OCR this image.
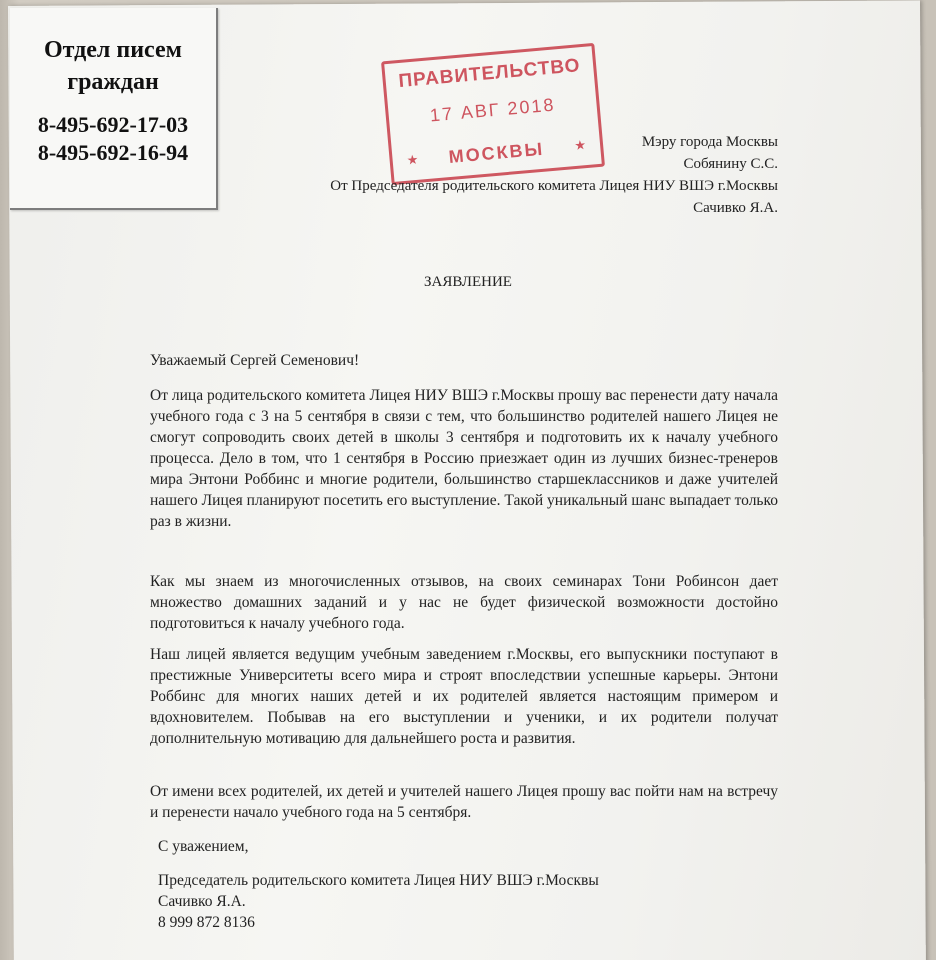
Отдел писем
граждан
8-495-692-17-03
8-495-692-16-94
ПРАВИТЕЛЬСТВО
17 АВГ 2018
★	МОСКВЫ	★	Мэру города Москвы
Собянину С.С.
От Председателя родительского комитета Лицея НИУ ВШЭ г.Москвы
Сачивко Я.А.
ЗАЯВЛЕНИЕ
Уважаемый Сергей Семенович!
От лица родительского комитета Лицея НИУ ВШЭ г.Москвы прошу вас перенести дату начала учебного года с 3 на 5 сентября в связи с тем, что большинство родителей нашего Лицея не смогут сопроводить своих детей в школы 3 сентября и подготовить их к началу учебного процесса. Дело в том, что 1 сентября в Россию приезжает один из лучших бизнес-тренеров мира Энтони Роббинс и многие родители, большинство старшеклассников и даже учителей нашего Лицея планируют посетить его выступление. Такой уникальный шанс выпадает только раз в жизни.
Как мы знаем из многочисленных отзывов, на своих семинарах Тони Робинсон дает множество домашних заданий и у нас не будет физической возможности достойно подготовиться к началу учебного года.
Наш лицей является ведущим учебным заведением г.Москвы, его выпускники поступают в престижные Университеты всего мира и строят впоследствии успешные карьеры. Энтони Роббинс для многих наших детей и их родителей является настоящим примером и вдохновителем. Побывав на его выступлении и ученики, и их родители получат дополнительную мотивацию для дальнейшего роста и развития.
От имени всех родителей, их детей и учителей нашего Лицея прошу вас пойти нам на встречу и перенести начало учебного года на 5 сентября.
С уважением,
Председатель родительского комитета Лицея НИУ ВШЭ г.Москвы
Сачивко Я.А.
8 999 872 8136
